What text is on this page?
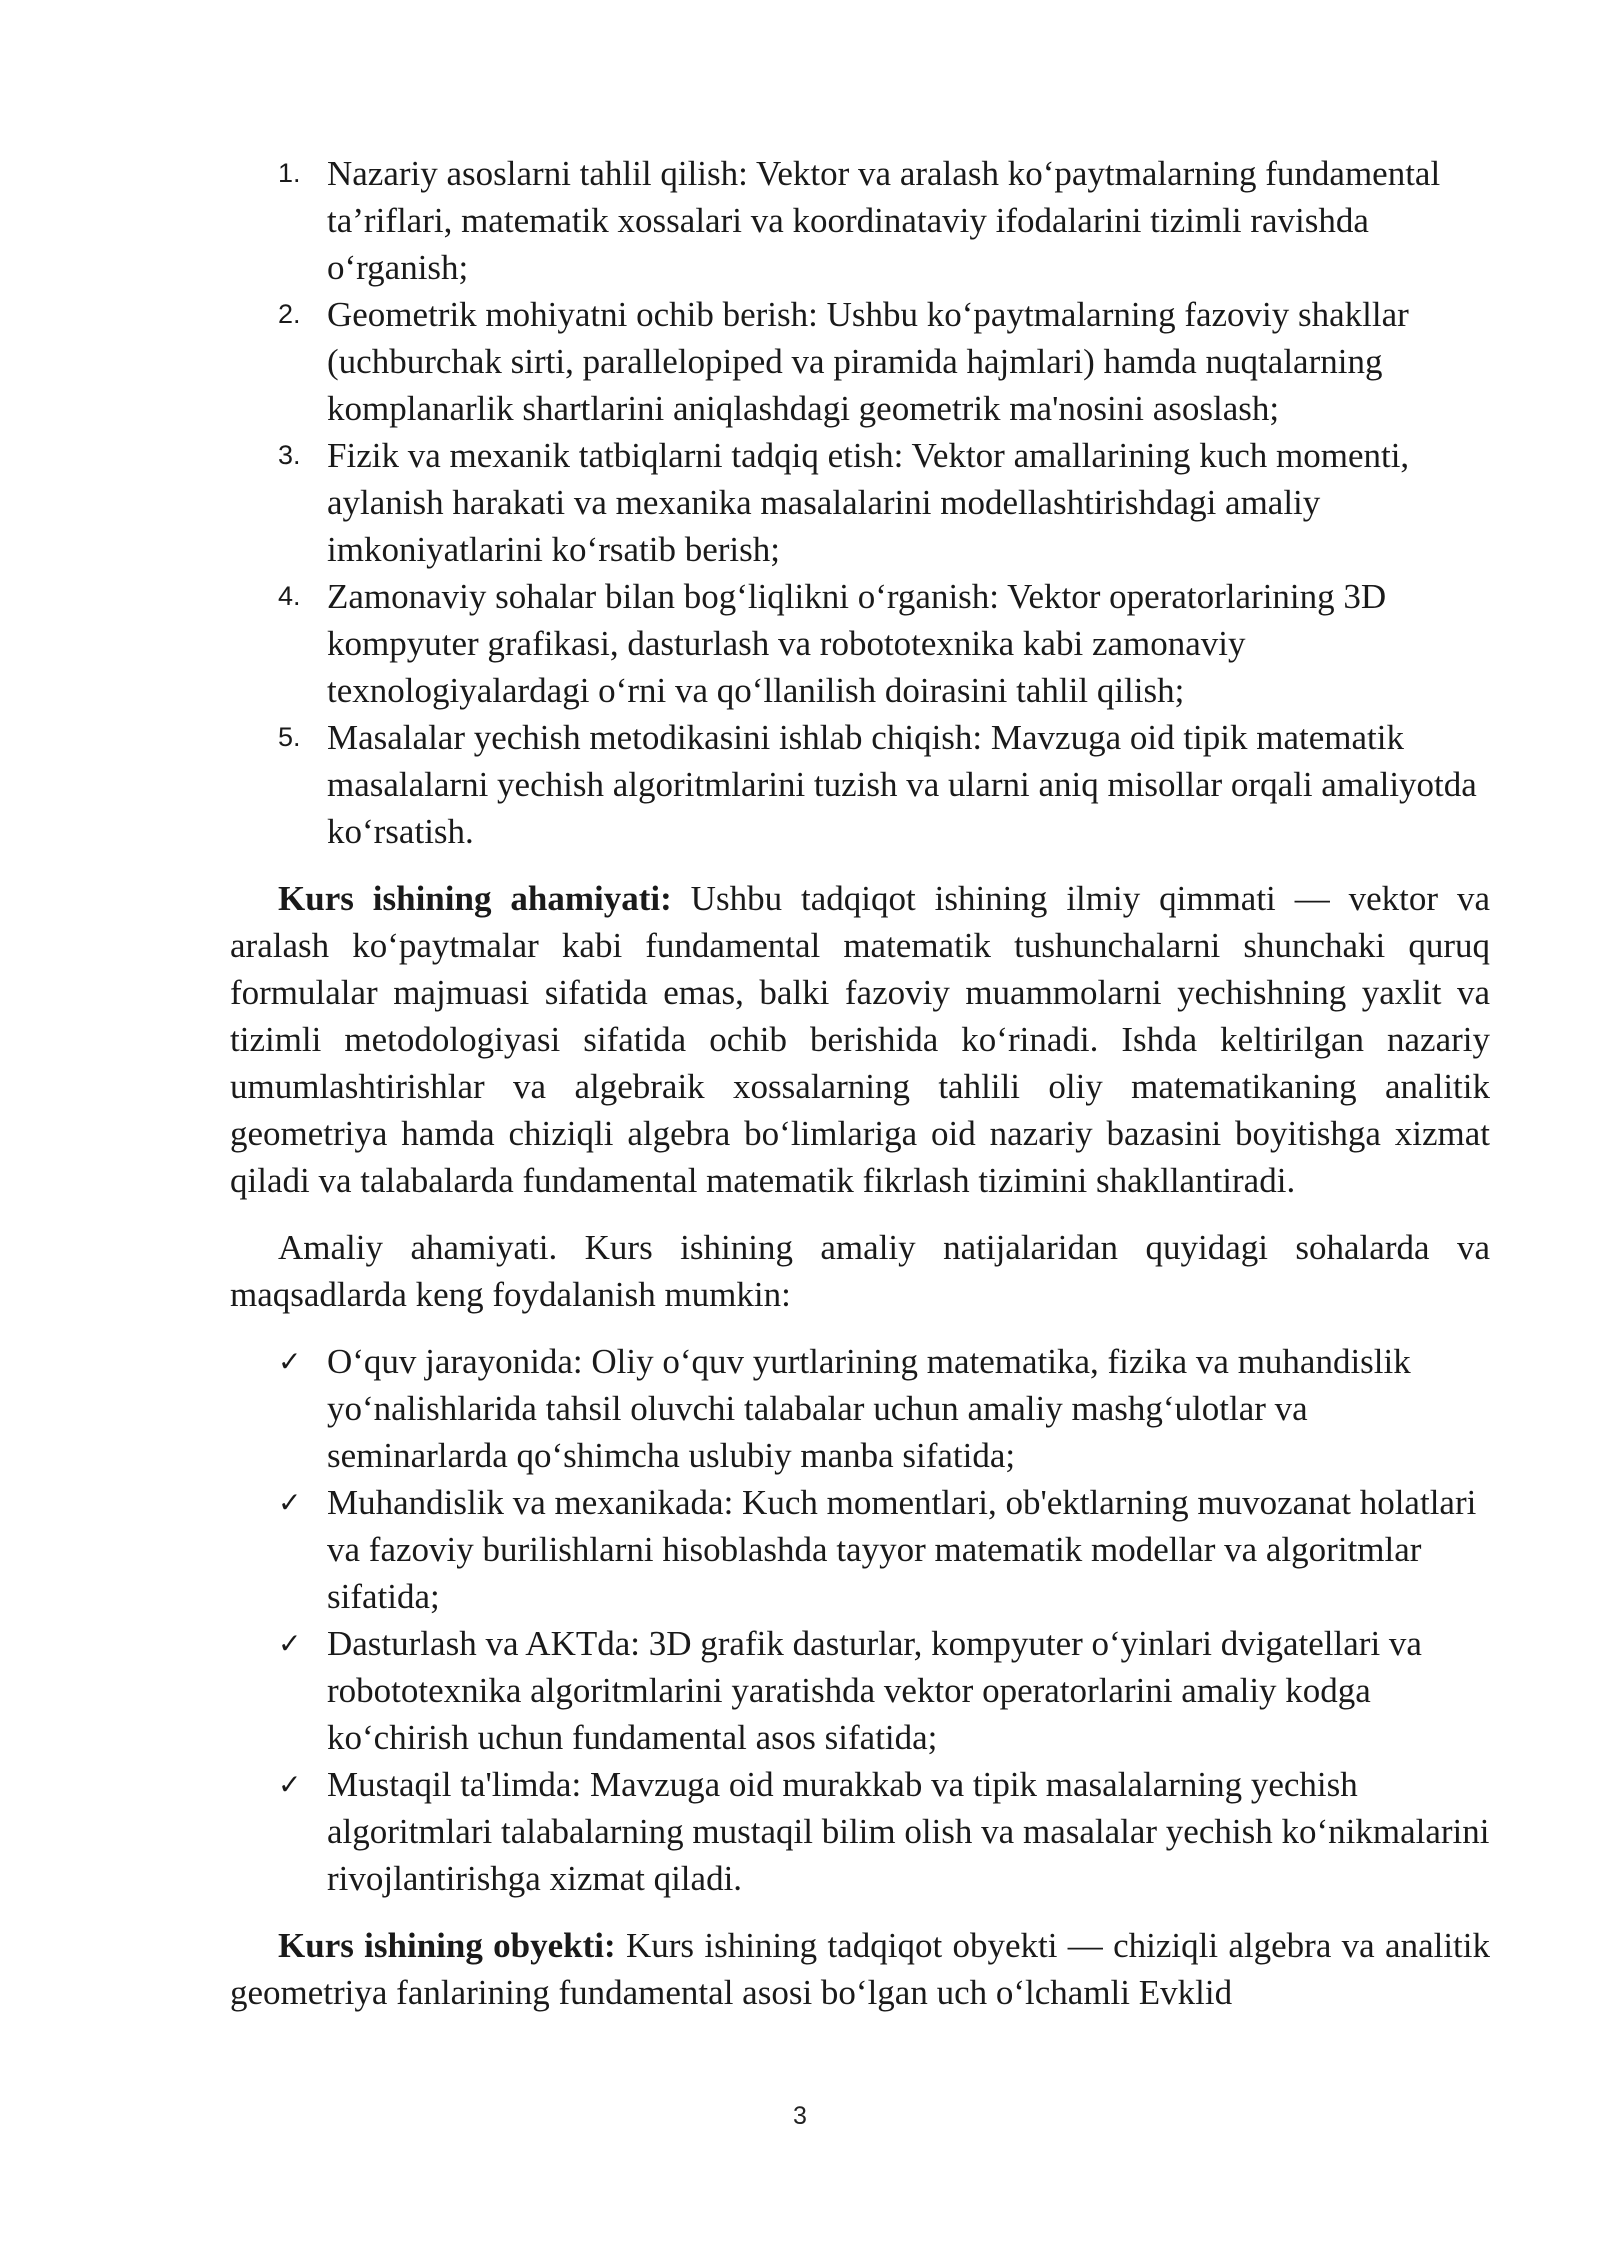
1. Nazariy asoslarni tahlil qilish: Vektor va aralash ko‘paytmalarning fundamental ta’riflari, matematik xossalari va koordinataviy ifodalarini tizimli ravishda o‘rganish;
2. Geometrik mohiyatni ochib berish: Ushbu ko‘paytmalarning fazoviy shakllar (uchburchak sirti, parallelopiped va piramida hajmlari) hamda nuqtalarning komplanarlik shartlarini aniqlashdagi geometrik ma'nosini asoslash;
3. Fizik va mexanik tatbiqlarni tadqiq etish: Vektor amallarining kuch momenti, aylanish harakati va mexanika masalalarini modellashtirishdagi amaliy imkoniyatlarini ko‘rsatib berish;
4. Zamonaviy sohalar bilan bog‘liqlikni o‘rganish: Vektor operatorlarining 3D kompyuter grafikasi, dasturlash va robototexnika kabi zamonaviy texnologiyalardagi o‘rni va qo‘llanilish doirasini tahlil qilish;
5. Masalalar yechish metodikasini ishlab chiqish: Mavzuga oid tipik matematik masalalarni yechish algoritmlarini tuzish va ularni aniq misollar orqali amaliyotda ko‘rsatish.

Kurs ishining ahamiyati: Ushbu tadqiqot ishining ilmiy qimmati — vektor va aralash ko‘paytmalar kabi fundamental matematik tushunchalarni shunchaki quruq formulalar majmuasi sifatida emas, balki fazoviy muammolarni yechishning yaxlit va tizimli metodologiyasi sifatida ochib berishida ko‘rinadi. Ishda keltirilgan nazariy umumlashtirishlar va algebraik xossalarning tahlili oliy matematikaning analitik geometriya hamda chiziqli algebra bo‘limlariga oid nazariy bazasini boyitishga xizmat qiladi va talabalarda fundamental matematik fikrlash tizimini shakllantiradi.

Amaliy ahamiyati. Kurs ishining amaliy natijalaridan quyidagi sohalarda va maqsadlarda keng foydalanish mumkin:

✓ O‘quv jarayonida: Oliy o‘quv yurtlarining matematika, fizika va muhandislik yo‘nalishlarida tahsil oluvchi talabalar uchun amaliy mashg‘ulotlar va seminarlarda qo‘shimcha uslubiy manba sifatida;
✓ Muhandislik va mexanikada: Kuch momentlari, ob'ektlarning muvozanat holatlari va fazoviy burilishlarni hisoblashda tayyor matematik modellar va algoritmlar sifatida;
✓ Dasturlash va AKTda: 3D grafik dasturlar, kompyuter o‘yinlari dvigatellari va robototexnika algoritmlarini yaratishda vektor operatorlarini amaliy kodga ko‘chirish uchun fundamental asos sifatida;
✓ Mustaqil ta'limda: Mavzuga oid murakkab va tipik masalalarning yechish algoritmlari talabalarning mustaqil bilim olish va masalalar yechish ko‘nikmalarini rivojlantirishga xizmat qiladi.

Kurs ishining obyekti: Kurs ishining tadqiqot obyekti — chiziqli algebra va analitik geometriya fanlarining fundamental asosi bo‘lgan uch o‘lchamli Evklid

3
